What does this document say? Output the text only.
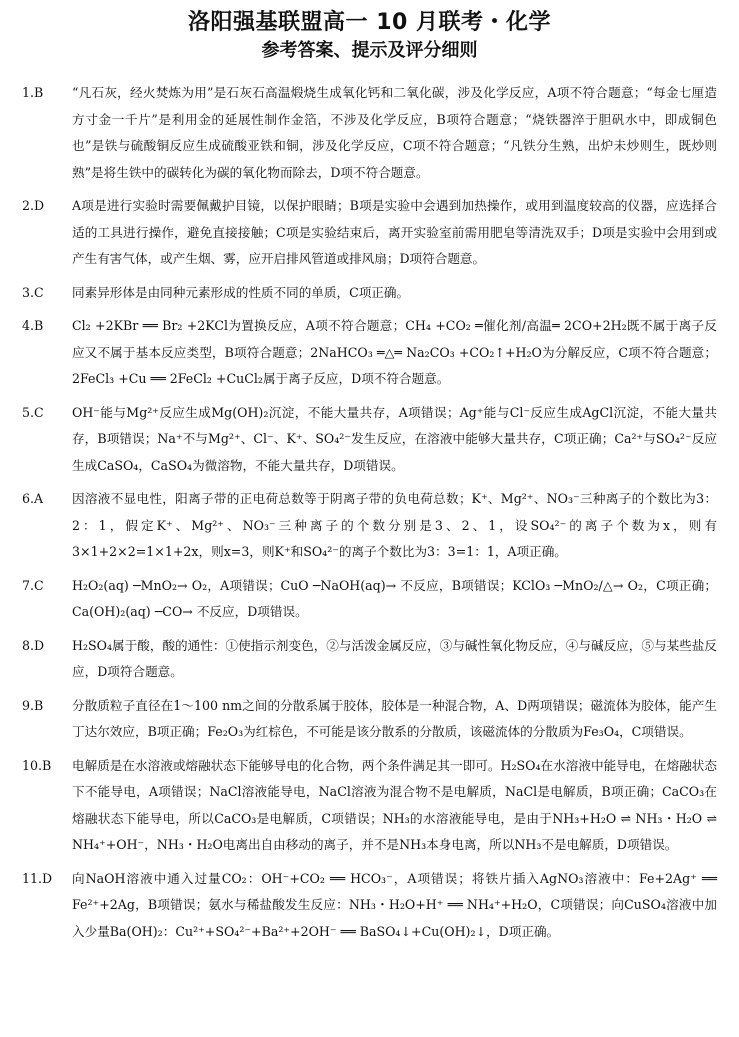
洛阳强基联盟高一 10 月联考・化学
参考答案、提示及评分细则
1.B	“凡石灰，经火焚炼为用”是石灰石高温煅烧生成氧化钙和二氧化碳，涉及化学反应，A项不符合题意；“每金七厘造方寸金一千片”是利用金的延展性制作金箔，不涉及化学反应，B项符合题意；“烧铁器淬于胆矾水中，即成铜色也”是铁与硫酸铜反应生成硫酸亚铁和铜，涉及化学反应，C项不符合题意；“凡铁分生熟，出炉未炒则生，既炒则熟”是将生铁中的碳转化为碳的氧化物而除去，D项不符合题意。
2.D	A项是进行实验时需要佩戴护目镜，以保护眼睛；B项是实验中会遇到加热操作，或用到温度较高的仪器，应选择合适的工具进行操作，避免直接接触；C项是实验结束后，离开实验室前需用肥皂等清洗双手；D项是实验中会用到或产生有害气体，或产生烟、雾，应开启排风管道或排风扇；D项符合题意。
3.C	同素异形体是由同种元素形成的性质不同的单质，C项正确。
4.B	Cl₂ +2KBr ══ Br₂ +2KCl为置换反应，A项不符合题意；CH₄ +CO₂ ═催化剂/高温═ 2CO+2H₂既不属于离子反应又不属于基本反应类型，B项符合题意；2NaHCO₃ ═△═ Na₂CO₃ +CO₂↑+H₂O为分解反应，C项不符合题意；2FeCl₃ +Cu ══ 2FeCl₂ +CuCl₂属于离子反应，D项不符合题意。
5.C	OH⁻能与Mg²⁺反应生成Mg(OH)₂沉淀，不能大量共存，A项错误；Ag⁺能与Cl⁻反应生成AgCl沉淀，不能大量共存，B项错误；Na⁺不与Mg²⁺、Cl⁻、K⁺、SO₄²⁻发生反应，在溶液中能够大量共存，C项正确；Ca²⁺与SO₄²⁻反应生成CaSO₄，CaSO₄为微溶物，不能大量共存，D项错误。
6.A	因溶液不显电性，阳离子带的正电荷总数等于阴离子带的负电荷总数；K⁺、Mg²⁺、NO₃⁻三种离子的个数比为3：2：1，假定K⁺、Mg²⁺、NO₃⁻三种离子的个数分别是3、2、1，设SO₄²⁻的离子个数为x，则有3×1+2×2=1×1+2x，则x=3，则K⁺和SO₄²⁻的离子个数比为3：3=1：1，A项正确。
7.C	H₂O₂(aq) ─MnO₂→ O₂，A项错误；CuO ─NaOH(aq)→ 不反应，B项错误；KClO₃ ─MnO₂/△→ O₂，C项正确；Ca(OH)₂(aq) ─CO→ 不反应，D项错误。
8.D	H₂SO₄属于酸，酸的通性：①使指示剂变色，②与活泼金属反应，③与碱性氧化物反应，④与碱反应，⑤与某些盐反应，D项符合题意。
9.B	分散质粒子直径在1～100 nm之间的分散系属于胶体，胶体是一种混合物，A、D两项错误；磁流体为胶体，能产生丁达尔效应，B项正确；Fe₂O₃为红棕色，不可能是该分散系的分散质，该磁流体的分散质为Fe₃O₄，C项错误。
10.B	电解质是在水溶液或熔融状态下能够导电的化合物，两个条件满足其一即可。H₂SO₄在水溶液中能导电，在熔融状态下不能导电，A项错误；NaCl溶液能导电，NaCl溶液为混合物不是电解质，NaCl是电解质，B项正确；CaCO₃在熔融状态下能导电，所以CaCO₃是电解质，C项错误；NH₃的水溶液能导电，是由于NH₃+H₂O ⇌ NH₃・H₂O ⇌ NH₄⁺+OH⁻，NH₃・H₂O电离出自由移动的离子，并不是NH₃本身电离，所以NH₃不是电解质，D项错误。
11.D	向NaOH溶液中通入过量CO₂：OH⁻+CO₂ ══ HCO₃⁻，A项错误；将铁片插入AgNO₃溶液中：Fe+2Ag⁺ ══ Fe²⁺+2Ag，B项错误；氨水与稀盐酸发生反应：NH₃・H₂O+H⁺ ══ NH₄⁺+H₂O，C项错误；向CuSO₄溶液中加入少量Ba(OH)₂：Cu²⁺+SO₄²⁻+Ba²⁺+2OH⁻ ══ BaSO₄↓+Cu(OH)₂↓，D项正确。
